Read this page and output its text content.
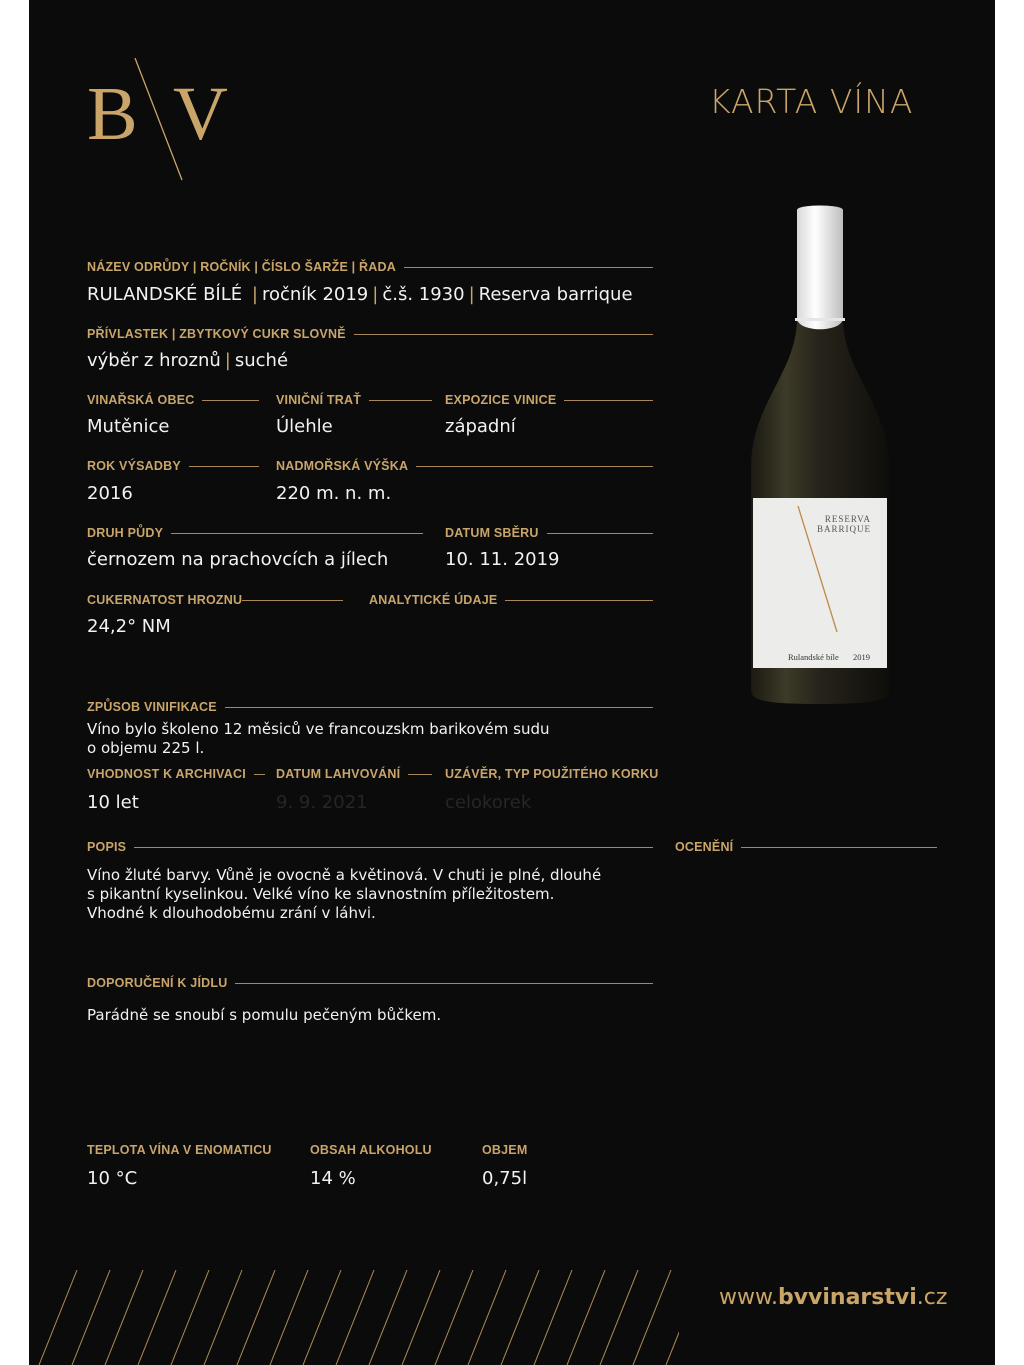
B V	KARTA VÍNA
NÁZEV ODRŮDY | ROČNÍK | ČÍSLO ŠARŽE | ŘADA
RULANDSKÉ BÍLÉ | ročník 2019 | č.š. 1930 | Reserva barrique
PŘÍVLASTEK | ZBYTKOVÝ CUKR SLOVNĚ
výběr z hroznů | suché
VINAŘSKÁ OBEC
Mutěnice
VINIČNÍ TRAŤ
Úlehle
EXPOZICE VINICE
západní
ROK VÝSADBY
2016
NADMOŘSKÁ VÝŠKA
220 m. n. m.
DRUH PŮDY
černozem na prachovcích a jílech
DATUM SBĚRU
10. 11. 2019
CUKERNATOST HROZNU
24,2° NM
ANALYTICKÉ ÚDAJE
ZPŮSOB VINIFIKACE
Víno bylo školeno 12 měsiců ve francouzskm barikovém sudu
o objemu 225 l.
VHODNOST K ARCHIVACI
10 let
DATUM LAHVOVÁNÍ
9. 9. 2021
UZÁVĚR, TYP POUŽITÉHO KORKU
celokorek
POPIS	OCENĚNÍ
Víno žluté barvy. Vůně je ovocně a květinová. V chuti je plné, dlouhé
s pikantní kyselinkou. Velké víno ke slavnostním příležitostem.
Vhodné k dlouhodobému zrání v láhvi.
DOPORUČENÍ K JÍDLU
Parádně se snoubí s pomulu pečeným bůčkem.
TEPLOTA VÍNA V ENOMATICU
10 °C
OBSAH ALKOHOLU
14 %
OBJEM
0,75l
RESERVA
BARRIQUE
Rulandské bíle 2019
www.bvvinarstvi.cz
